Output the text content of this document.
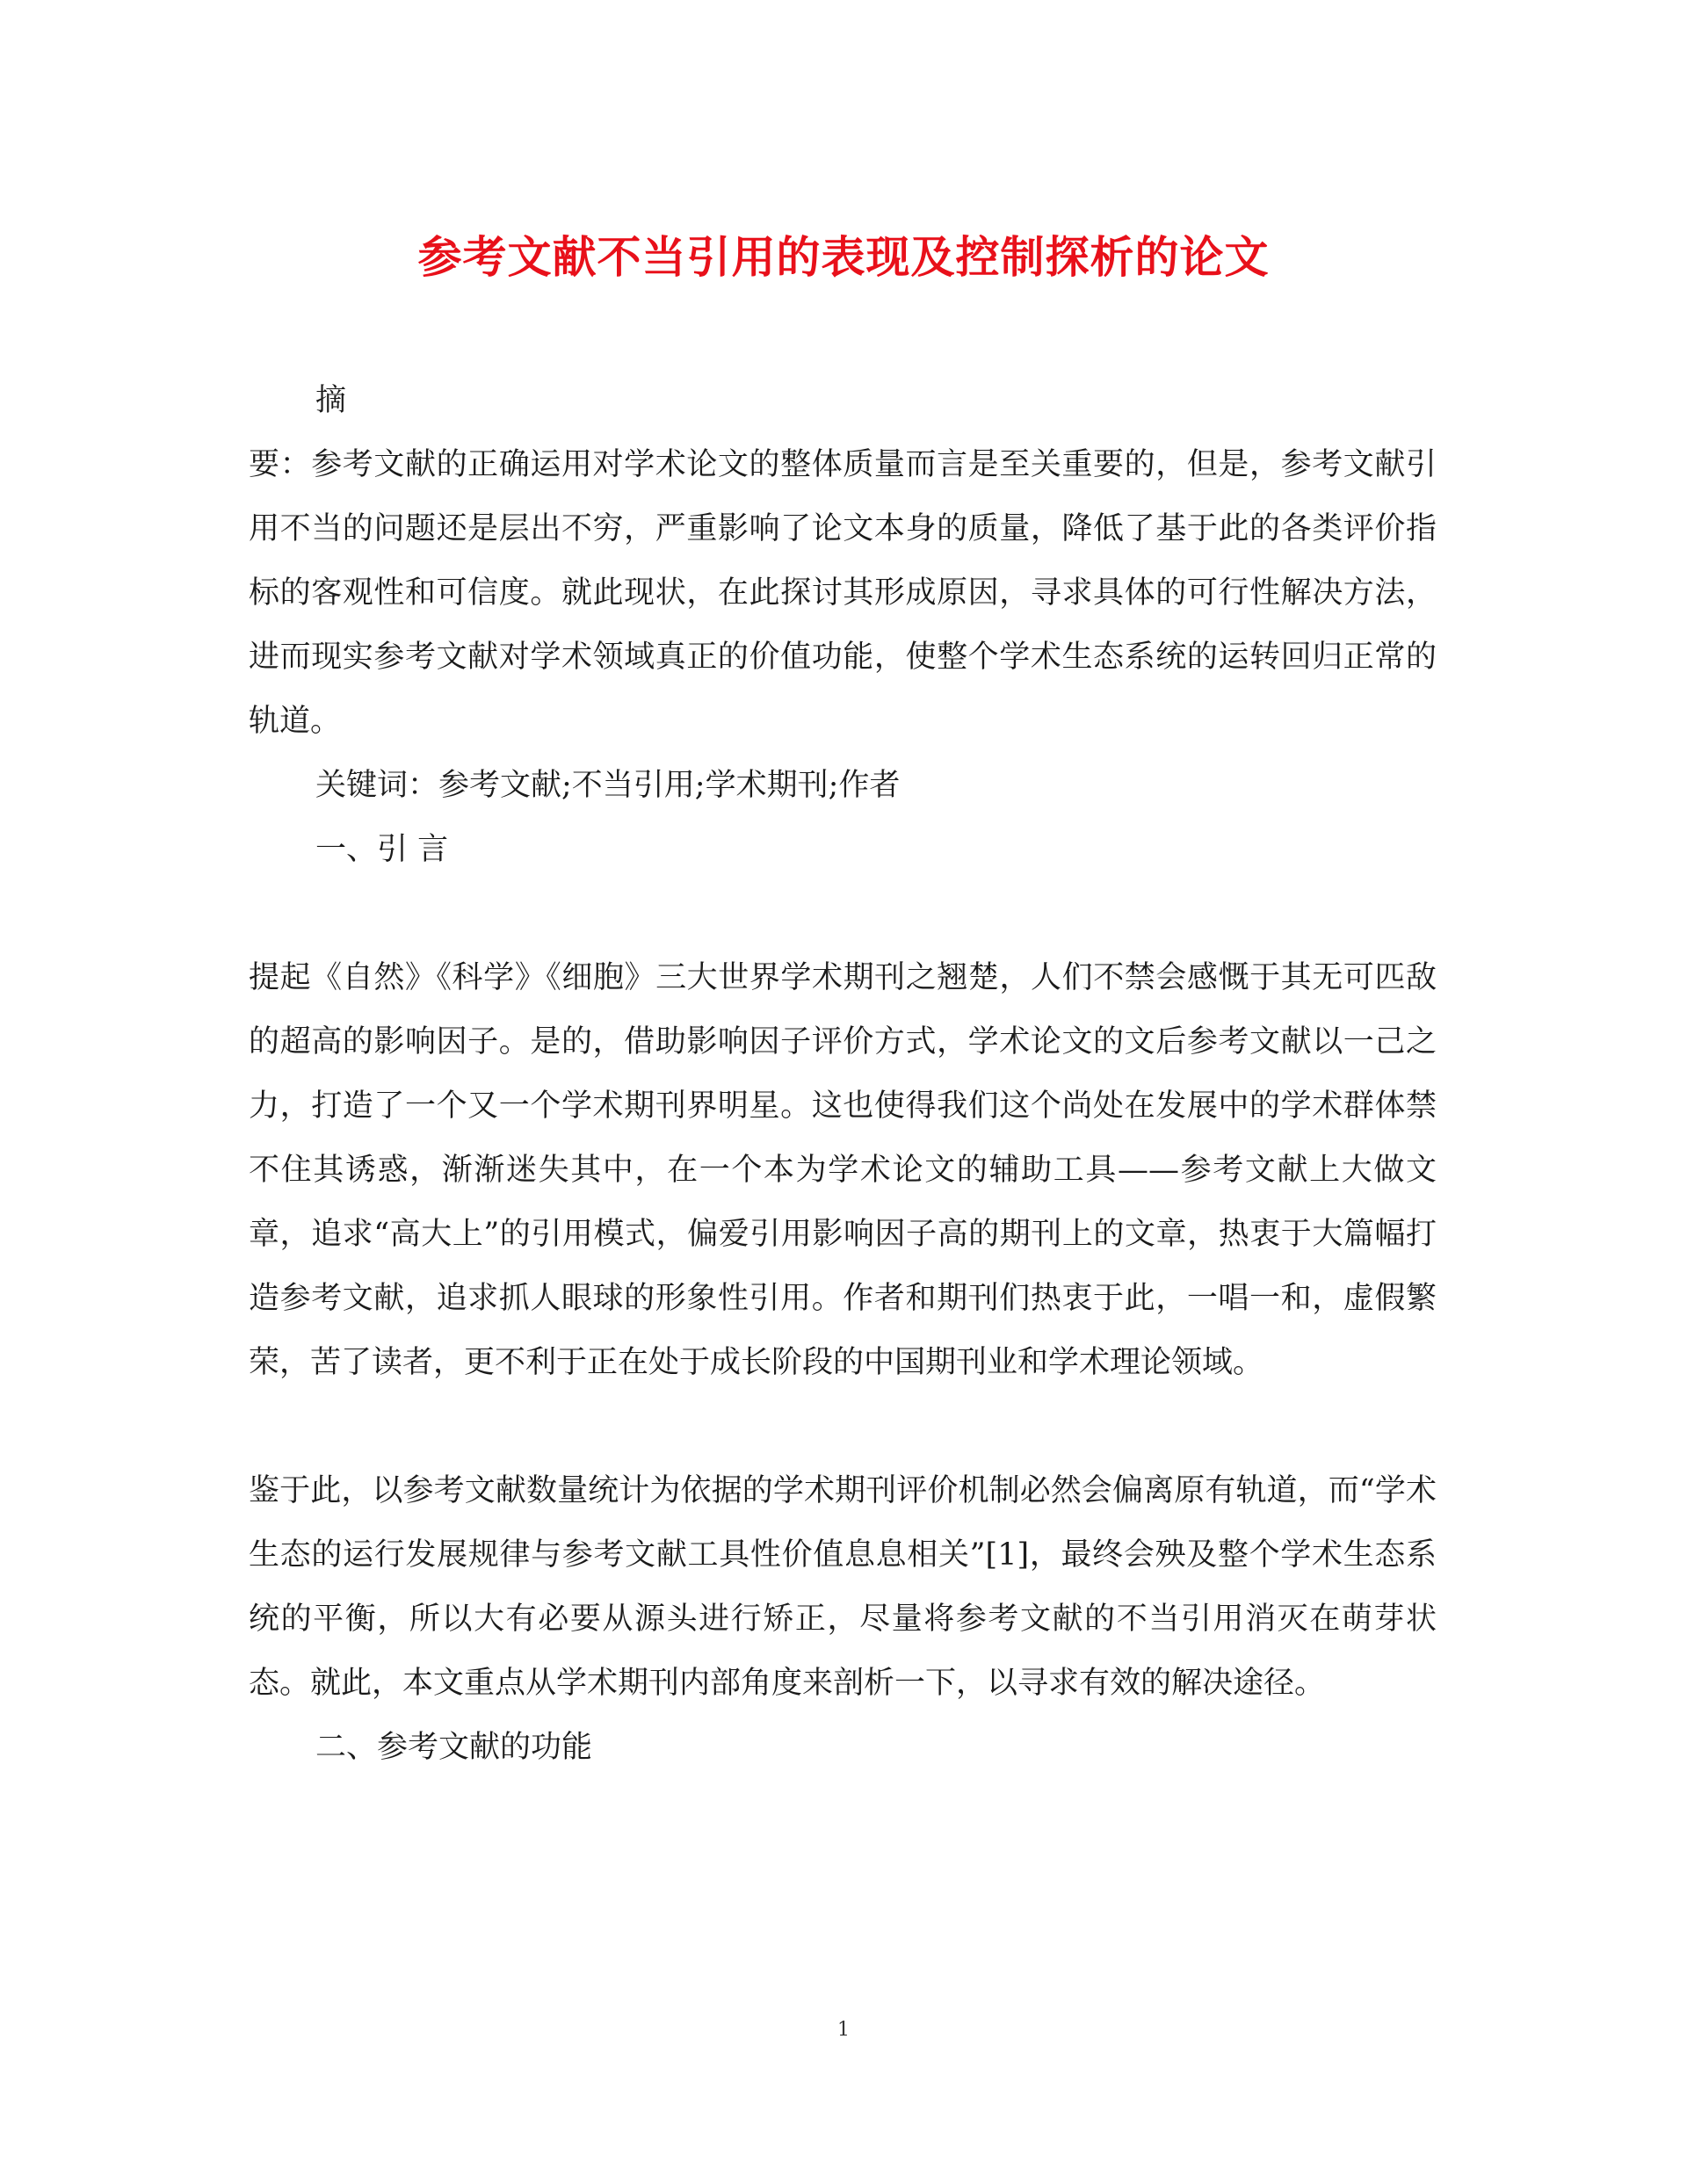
参考文献不当引用的表现及控制探析的论文

摘

要：参考文献的正确运用对学术论文的整体质量而言是至关重要的，但是，参考文献引用不当的问题还是层出不穷，严重影响了论文本身的质量，降低了基于此的各类评价指标的客观性和可信度。就此现状，在此探讨其形成原因，寻求具体的可行性解决方法，进而现实参考文献对学术领域真正的价值功能，使整个学术生态系统的运转回归正常的轨道。

关键词：参考文献;不当引用;学术期刊;作者

一、引 言

提起《自然》《科学》《细胞》三大世界学术期刊之翘楚，人们不禁会感慨于其无可匹敌的超高的影响因子。是的，借助影响因子评价方式，学术论文的文后参考文献以一己之力，打造了一个又一个学术期刊界明星。这也使得我们这个尚处在发展中的学术群体禁不住其诱惑，渐渐迷失其中，在一个本为学术论文的辅助工具——参考文献上大做文章，追求“高大上”的引用模式，偏爱引用影响因子高的期刊上的文章，热衷于大篇幅打造参考文献，追求抓人眼球的形象性引用。作者和期刊们热衷于此，一唱一和，虚假繁荣，苦了读者，更不利于正在处于成长阶段的中国期刊业和学术理论领域。

鉴于此，以参考文献数量统计为依据的学术期刊评价机制必然会偏离原有轨道，而“学术生态的运行发展规律与参考文献工具性价值息息相关”[1]，最终会殃及整个学术生态系统的平衡，所以大有必要从源头进行矫正，尽量将参考文献的不当引用消灭在萌芽状态。就此，本文重点从学术期刊内部角度来剖析一下，以寻求有效的解决途径。

二、参考文献的功能

1
